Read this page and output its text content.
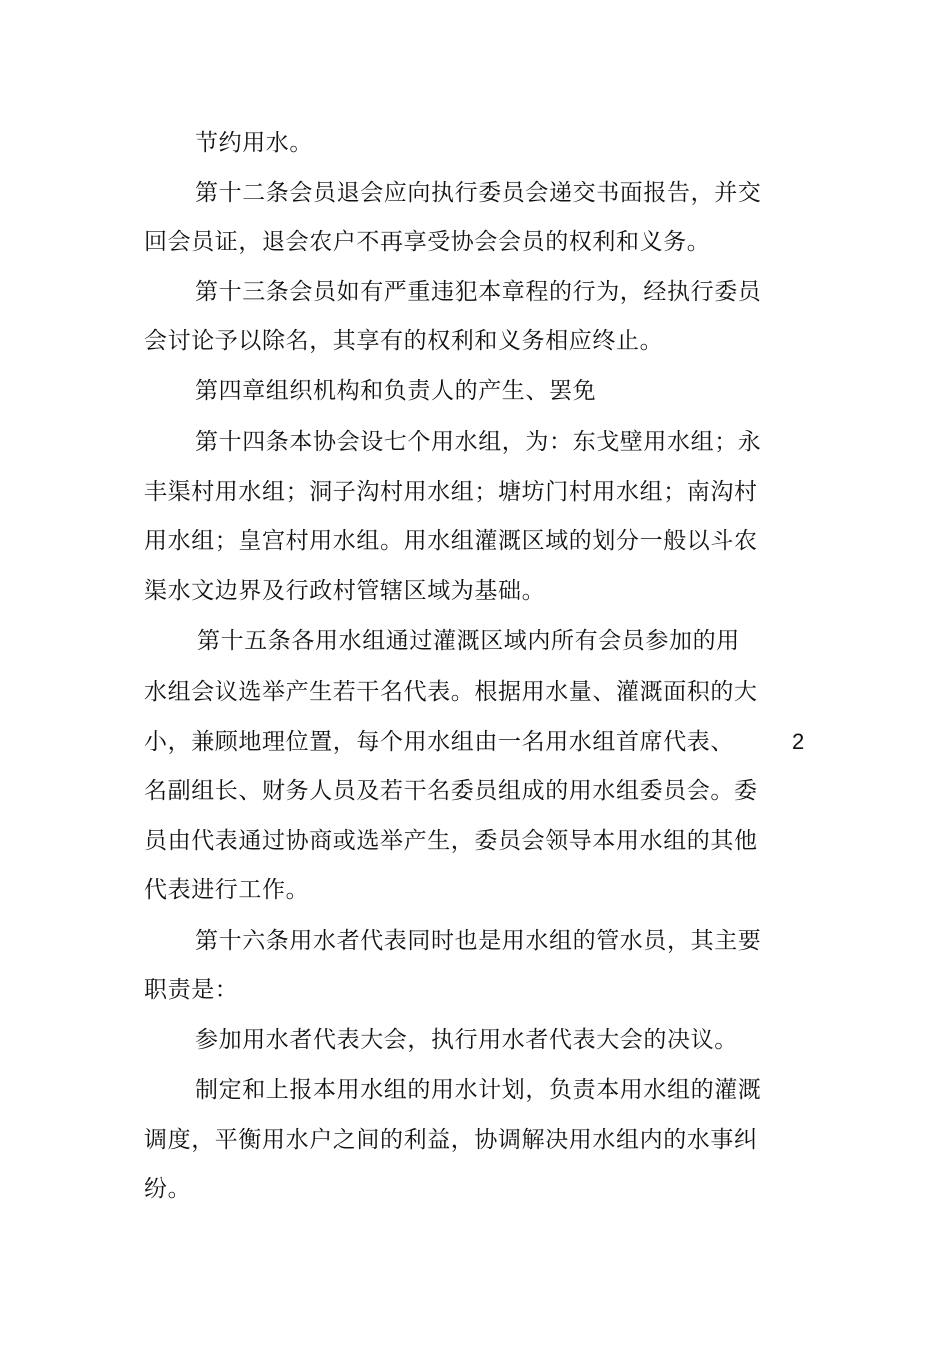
节约用水。
第十二条会员退会应向执行委员会递交书面报告，并交
回会员证，退会农户不再享受协会会员的权利和义务。
第十三条会员如有严重违犯本章程的行为，经执行委员
会讨论予以除名，其享有的权利和义务相应终止。
第四章组织机构和负责人的产生、罢免
第十四条本协会设七个用水组，为：东戈壁用水组；永
丰渠村用水组；洞子沟村用水组；塘坊门村用水组；南沟村
用水组；皇宫村用水组。用水组灌溉区域的划分一般以斗农
渠水文边界及行政村管辖区域为基础。
第十五条各用水组通过灌溉区域内所有会员参加的用
水组会议选举产生若干名代表。根据用水量、灌溉面积的大
小，兼顾地理位置，每个用水组由一名用水组首席代表、
名副组长、财务人员及若干名委员组成的用水组委员会。委
员由代表通过协商或选举产生，委员会领导本用水组的其他
代表进行工作。
第十六条用水者代表同时也是用水组的管水员，其主要
职责是：
参加用水者代表大会，执行用水者代表大会的决议。
制定和上报本用水组的用水计划，负责本用水组的灌溉
调度，平衡用水户之间的利益，协调解决用水组内的水事纠
纷。
2
